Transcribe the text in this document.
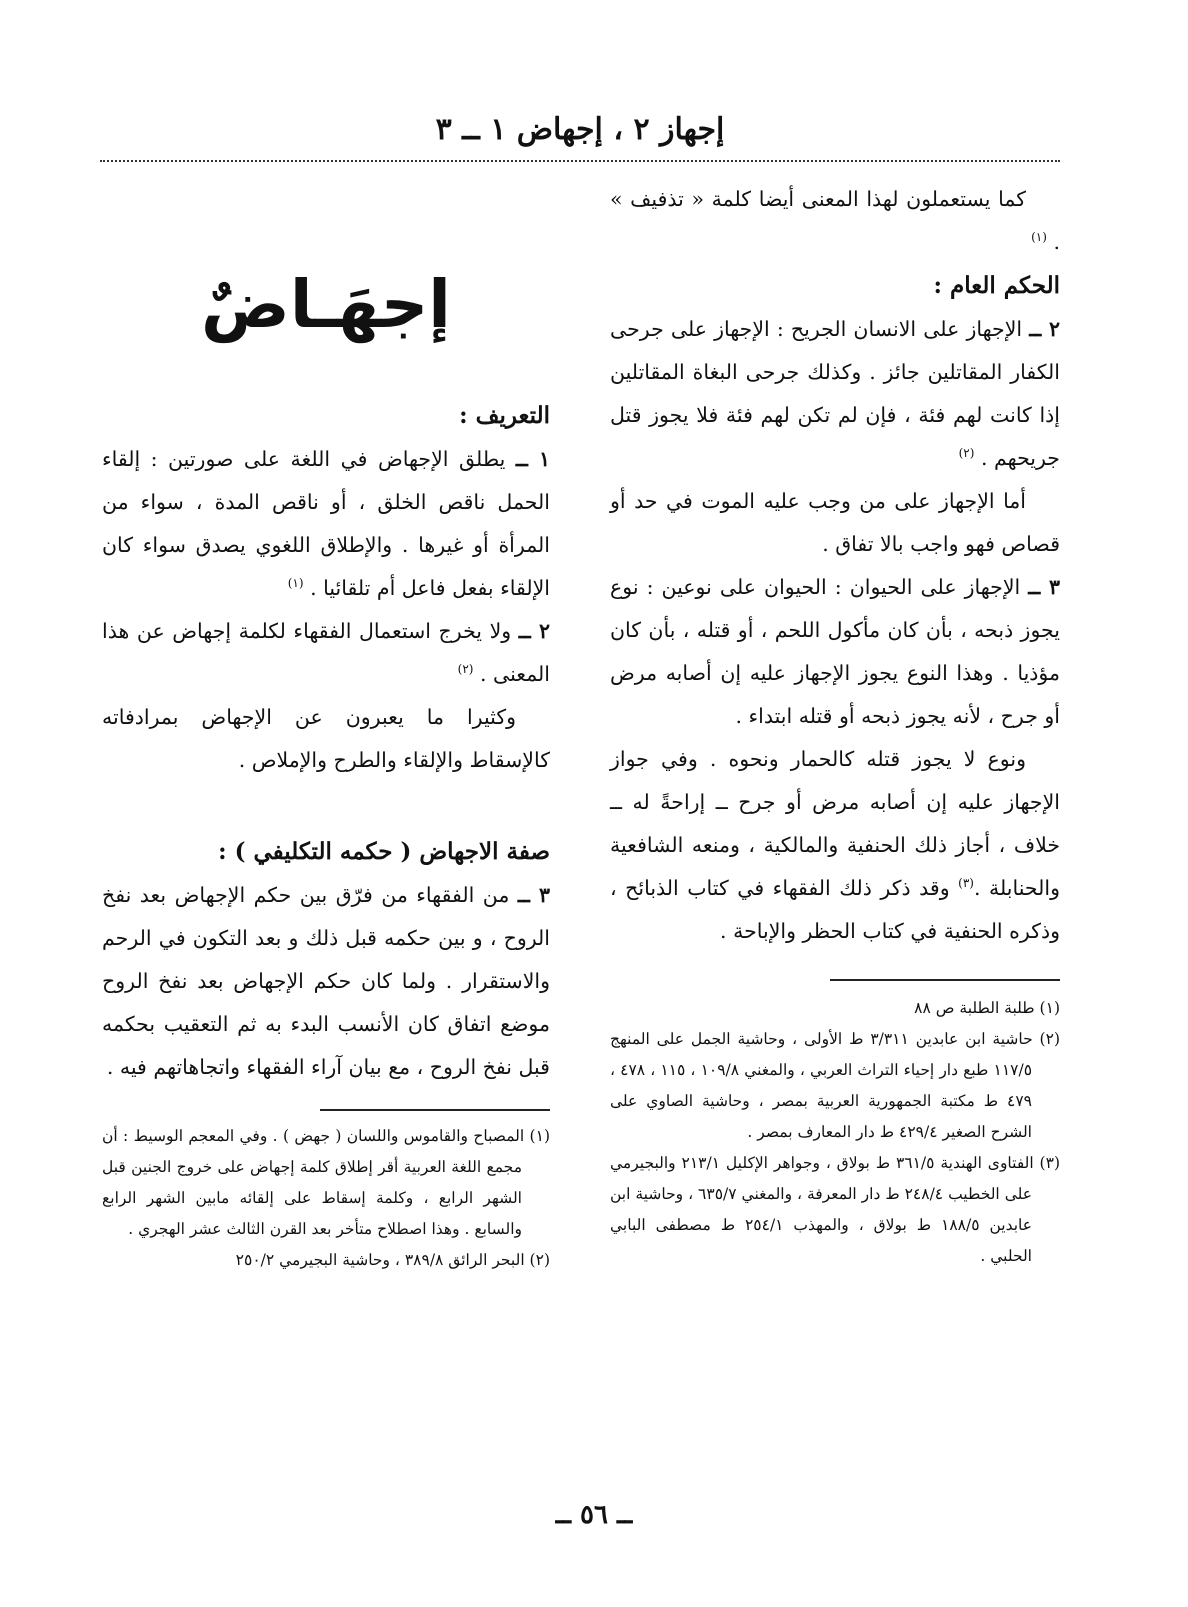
إجهاز ٢ ، إجهاض ١ ــ ٣

كما يستعملون لهذا المعنى أيضا كلمة « تذفيف » . $^{(١)}$

الحكم العام :

٢ ــ الإجهاز على الانسان الجريح : الإجهاز على جرحى الكفار المقاتلين جائز . وكذلك جرحى البغاة المقاتلين إذا كانت لهم فئة ، فإن لم تكن لهم فئة فلا يجوز قتل جريحهم . $^{(٢)}$

أما الإجهاز على من وجب عليه الموت في حد أو قصاص فهو واجب بالا تفاق .

٣ ــ الإجهاز على الحيوان : الحيوان على نوعين : نوع يجوز ذبحه ، بأن كان مأكول اللحم ، أو قتله ، بأن كان مؤذيا . وهذا النوع يجوز الإجهاز عليه إن أصابه مرض أو جرح ، لأنه يجوز ذبحه أو قتله ابتداء .

ونوع لا يجوز قتله كالحمار ونحوه . وفي جواز الإجهاز عليه إن أصابه مرض أو جرح ــ إراحةً له ــ خلاف ، أجاز ذلك الحنفية والمالكية ، ومنعه الشافعية والحنابلة .$^{(٣)}$ وقد ذكر ذلك الفقهاء في كتاب الذبائح ، وذكره الحنفية في كتاب الحظر والإباحة .

(١) طلبة الطلبة ص ٨٨

(٢) حاشية ابن عابدين ٣/٣١١ ط الأولى ، وحاشية الجمل على المنهج ١١٧/٥ طبع دار إحياء التراث العربي ، والمغني ١٠٩/٨ ، ١١٥ ، ٤٧٨ ، ٤٧٩ ط مكتبة الجمهورية العربية بمصر ، وحاشية الصاوي على الشرح الصغير ٤٢٩/٤ ط دار المعارف بمصر .

(٣) الفتاوى الهندية ٣٦١/٥ ط بولاق ، وجواهر الإكليل ٢١٣/١ والبجيرمي على الخطيب ٢٤٨/٤ ط دار المعرفة ، والمغني ٦٣٥/٧ ، وحاشية ابن عابدين ١٨٨/٥ ط بولاق ، والمهذب ٢٥٤/١ ط مصطفى البابي الحلبي .

إجهَـاضٌ

التعريف :

١ ــ يطلق الإجهاض في اللغة على صورتين : إلقاء الحمل ناقص الخلق ، أو ناقص المدة ، سواء من المرأة أو غيرها . والإطلاق اللغوي يصدق سواء كان الإلقاء بفعل فاعل أم تلقائيا . $^{(١)}$

٢ ــ ولا يخرج استعمال الفقهاء لكلمة إجهاض عن هذا المعنى . $^{(٢)}$

وكثيرا ما يعبرون عن الإجهاض بمرادفاته كالإسقاط والإلقاء والطرح والإملاص .

صفة الاجهاض ( حكمه التكليفي ) :

٣ ــ من الفقهاء من فرّق بين حكم الإجهاض بعد نفخ الروح ، و بين حكمه قبل ذلك و بعد التكون في الرحم والاستقرار . ولما كان حكم الإجهاض بعد نفخ الروح موضع اتفاق كان الأنسب البدء به ثم التعقيب بحكمه قبل نفخ الروح ، مع بيان آراء الفقهاء واتجاهاتهم فيه .

(١) المصباح والقاموس واللسان ( جهض ) . وفي المعجم الوسيط : أن مجمع اللغة العربية أقر إطلاق كلمة إجهاض على خروج الجنين قبل الشهر الرابع ، وكلمة إسقاط على إلقائه مابين الشهر الرابع والسابع . وهذا اصطلاح متأخر بعد القرن الثالث عشر الهجري .

(٢) البحر الرائق ٣٨٩/٨ ، وحاشية البجيرمي ٢٥٠/٢

ــ ٥٦ ــ
